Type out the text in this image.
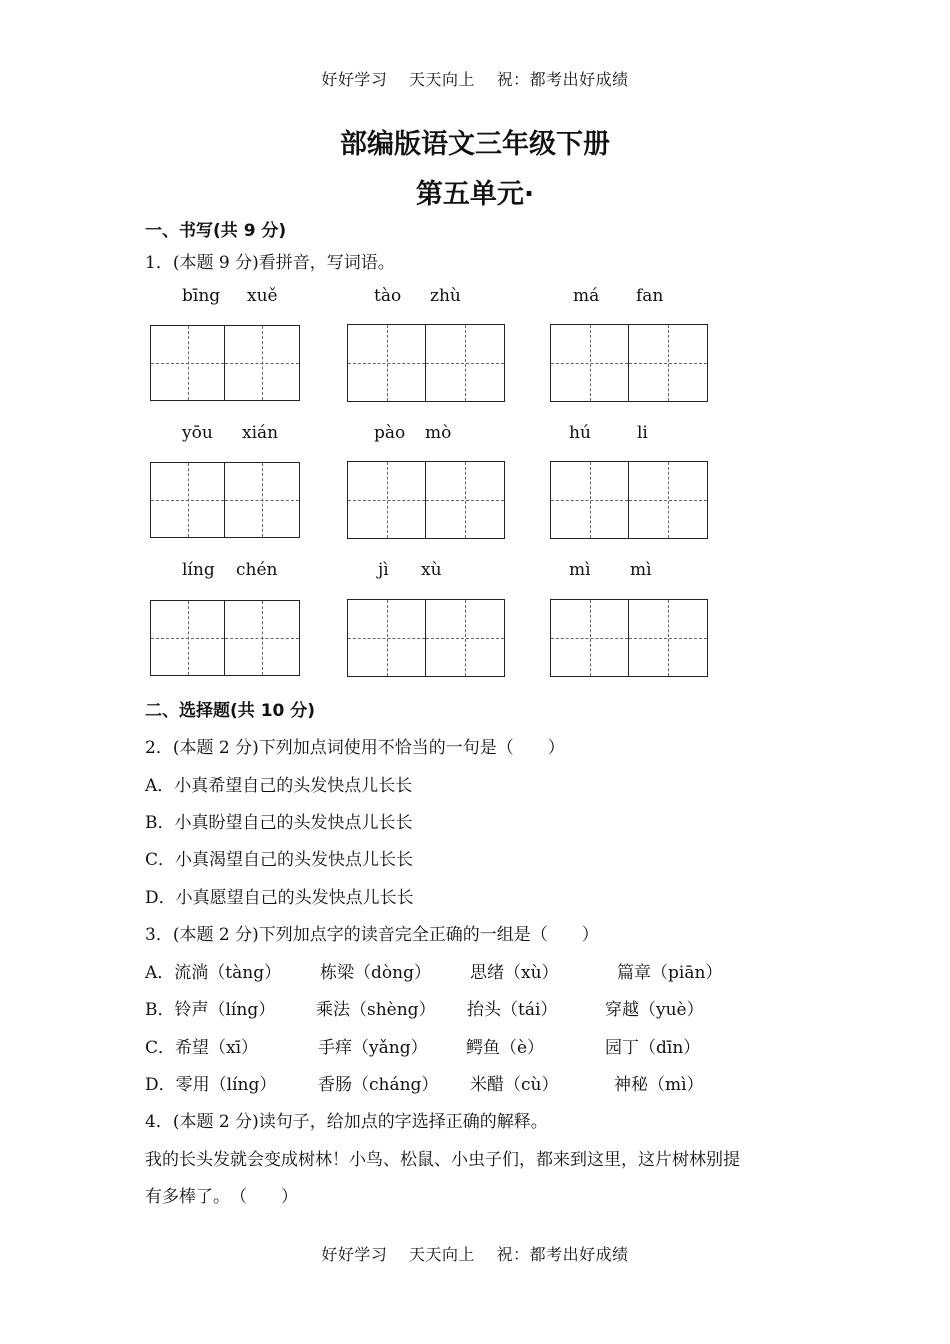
好好学习 天天向上 祝：都考出好成绩
部编版语文三年级下册
第五单元·
一、书写(共 9 分)
1．(本题 9 分)看拼音，写词语。
bīng xuě	tào zhù	má fan
yōu xián	pào mò	hú	li
líng chén	jì xù	mì mì
二、选择题(共 10 分)
2．(本题 2 分)下列加点词使用不恰当的一句是（　　）
A．小真希望自己的头发快点儿长长
B．小真盼望自己的头发快点儿长长
C．小真渴望自己的头发快点儿长长
D．小真愿望自己的头发快点儿长长
3．(本题 2 分)下列加点字的读音完全正确的一组是（　　）
A．流淌（tàng） 栋梁（dòng） 思绪（xù）	篇章（piān）
B．铃声（líng） 乘法（shèng） 抬头（tái）	穿越（yuè）
C．希望（xī）	手痒（yǎng） 鳄鱼（è）	园丁（dīn）
D．零用（líng） 香肠（cháng） 米醋（cù）	神秘（mì）
4．(本题 2 分)读句子，给加点的字选择正确的解释。
我的长头发就会变成树林！小鸟、松鼠、小虫子们，都来到这里，这片树林别提
有多棒了。　（　　）
好好学习 天天向上 祝：都考出好成绩
